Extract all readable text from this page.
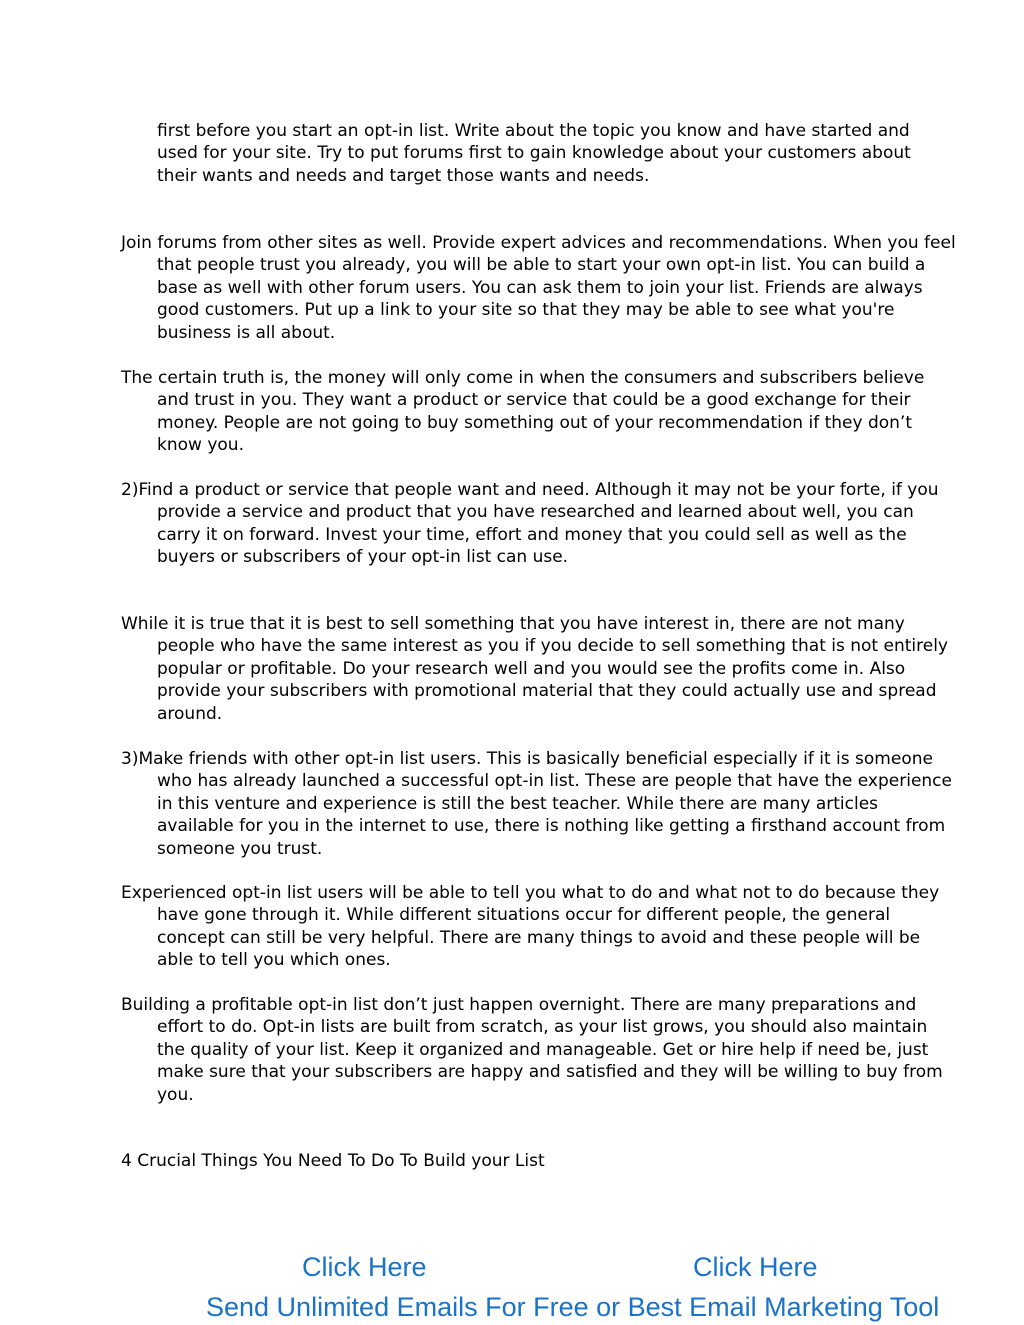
first before you start an opt-in list. Write about the topic you know and have started and used for your site. Try to put forums first to gain knowledge about your customers about their wants and needs and target those wants and needs.

Join forums from other sites as well. Provide expert advices and recommendations. When you feel that people trust you already, you will be able to start your own opt-in list. You can build a base as well with other forum users. You can ask them to join your list. Friends are always good customers. Put up a link to your site so that they may be able to see what you're business is all about.

The certain truth is, the money will only come in when the consumers and subscribers believe and trust in you. They want a product or service that could be a good exchange for their money. People are not going to buy something out of your recommendation if they don’t know you.

2)Find a product or service that people want and need. Although it may not be your forte, if you provide a service and product that you have researched and learned about well, you can carry it on forward. Invest your time, effort and money that you could sell as well as the buyers or subscribers of your opt-in list can use.

While it is true that it is best to sell something that you have interest in, there are not many people who have the same interest as you if you decide to sell something that is not entirely popular or profitable. Do your research well and you would see the profits come in. Also provide your subscribers with promotional material that they could actually use and spread around.

3)Make friends with other opt-in list users. This is basically beneficial especially if it is someone who has already launched a successful opt-in list. These are people that have the experience in this venture and experience is still the best teacher. While there are many articles available for you in the internet to use, there is nothing like getting a firsthand account from someone you trust.

Experienced opt-in list users will be able to tell you what to do and what not to do because they have gone through it. While different situations occur for different people, the general concept can still be very helpful. There are many things to avoid and these people will be able to tell you which ones.

Building a profitable opt-in list don’t just happen overnight. There are many preparations and effort to do. Opt-in lists are built from scratch, as your list grows, you should also maintain the quality of your list. Keep it organized and manageable. Get or hire help if need be, just make sure that your subscribers are happy and satisfied and they will be willing to buy from you.

4 Crucial Things You Need To Do To Build your List
Click Here	Click Here
Send Unlimited Emails For Free or Best Email Marketing Tool
